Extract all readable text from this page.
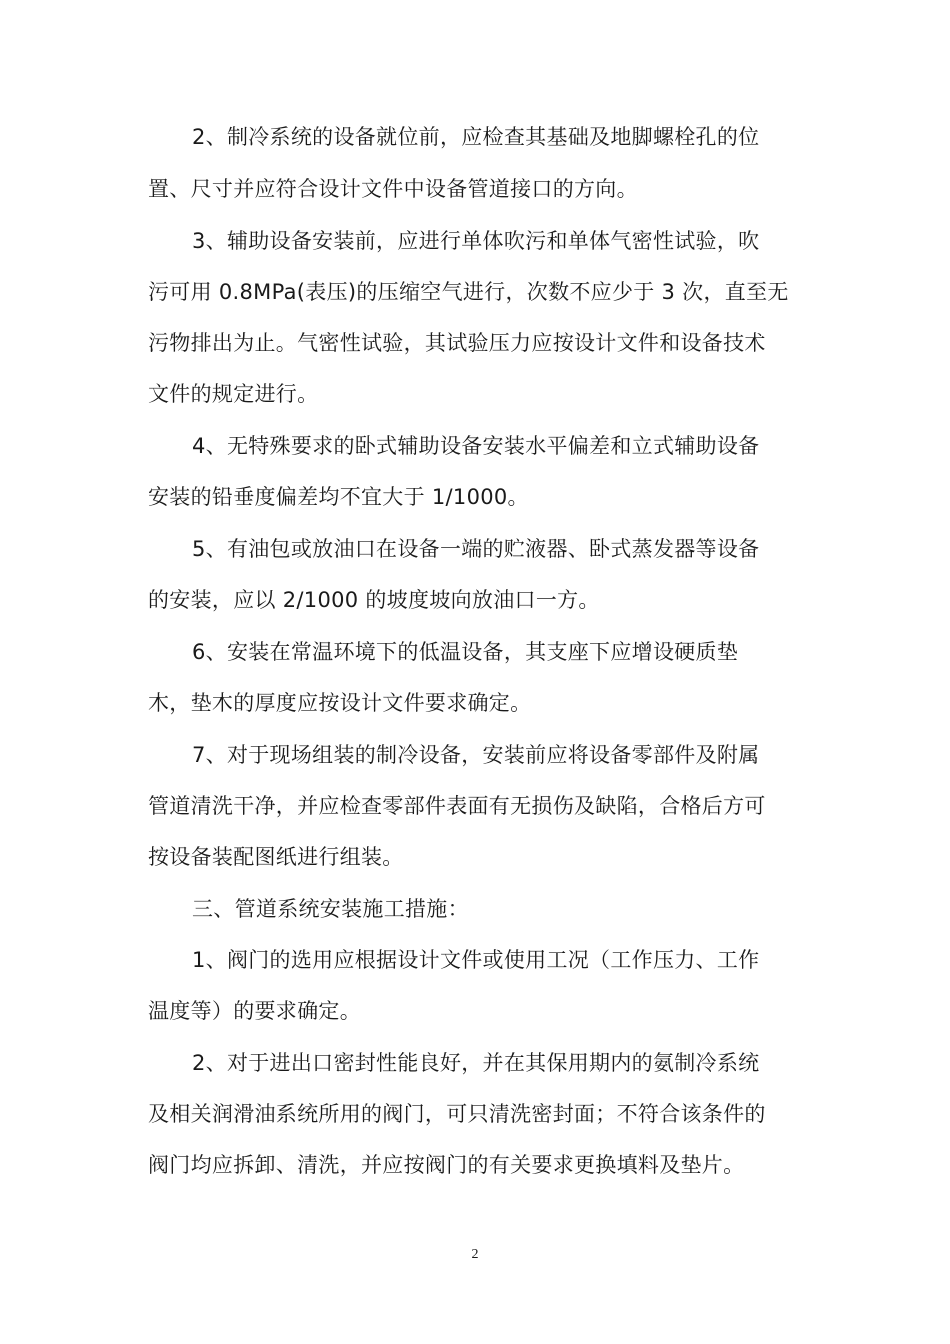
2、制冷系统的设备就位前，应检查其基础及地脚螺栓孔的位
置、尺寸并应符合设计文件中设备管道接口的方向。
3、辅助设备安装前，应进行单体吹污和单体气密性试验，吹
污可用 0.8MPa(表压)的压缩空气进行，次数不应少于 3 次，直至无
污物排出为止。气密性试验，其试验压力应按设计文件和设备技术
文件的规定进行。
4、无特殊要求的卧式辅助设备安装水平偏差和立式辅助设备
安装的铅垂度偏差均不宜大于 1/1000。
5、有油包或放油口在设备一端的贮液器、卧式蒸发器等设备
的安装，应以 2/1000 的坡度坡向放油口一方。
6、安装在常温环境下的低温设备，其支座下应增设硬质垫
木，垫木的厚度应按设计文件要求确定。
7、对于现场组装的制冷设备，安装前应将设备零部件及附属
管道清洗干净，并应检查零部件表面有无损伤及缺陷，合格后方可
按设备装配图纸进行组装。
三、管道系统安装施工措施：
1、阀门的选用应根据设计文件或使用工况（工作压力、工作
温度等）的要求确定。
2、对于进出口密封性能良好，并在其保用期内的氨制冷系统
及相关润滑油系统所用的阀门，可只清洗密封面；不符合该条件的
阀门均应拆卸、清洗，并应按阀门的有关要求更换填料及垫片。
2
